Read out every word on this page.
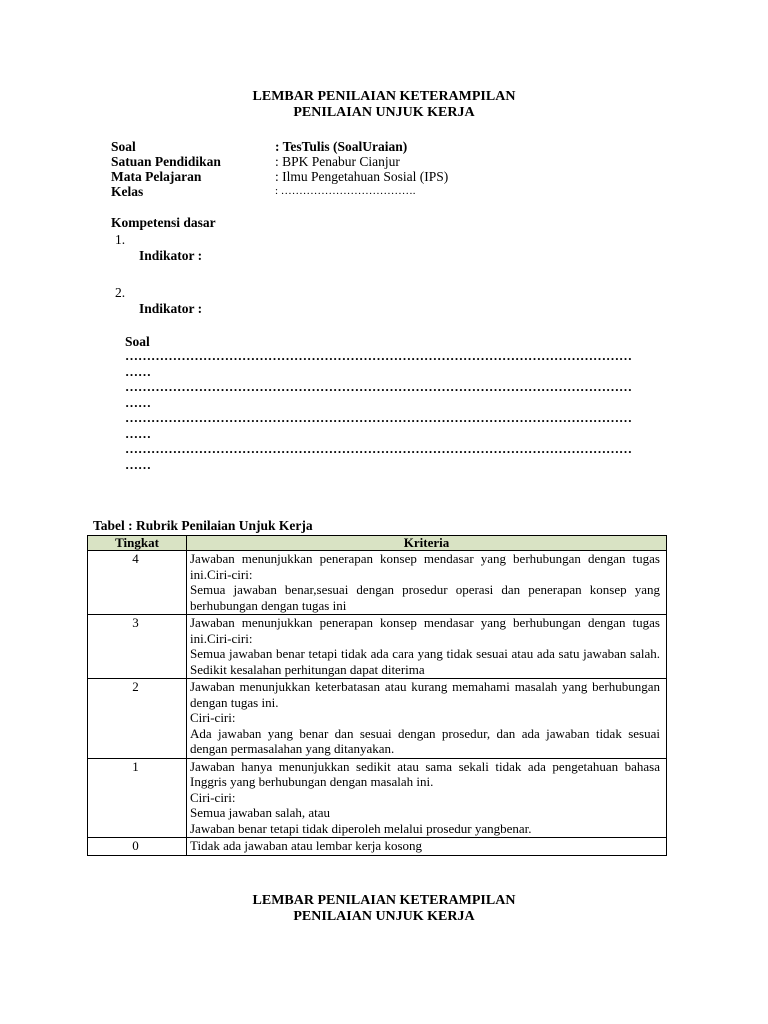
LEMBAR PENILAIAN KETERAMPILAN
PENILAIAN UNJUK KERJA
Soal	: TesTulis (SoalUraian)
Satuan Pendidikan	: BPK Penabur Cianjur
Mata Pelajaran	: Ilmu Pengetahuan Sosial (IPS)
Kelas	: ……………………………….
Kompetensi dasar
1.
Indikator :
2.
Indikator :
Soal
………………………………………………………………………………………………………
……
………………………………………………………………………………………………………
……
………………………………………………………………………………………………………
……
………………………………………………………………………………………………………
……
Tabel : Rubrik Penilaian Unjuk Kerja
Tingkat	Kriteria
4	Jawaban menunjukkan penerapan konsep mendasar yang berhubungan dengan tugas ini.Ciri-ciri:

Semua jawaban benar,sesuai dengan prosedur operasi dan penerapan konsep yang berhubungan dengan tugas ini

3	Jawaban menunjukkan penerapan konsep mendasar yang berhubungan dengan tugas ini.Ciri-ciri:

Semua jawaban benar tetapi tidak ada cara yang tidak sesuai atau ada satu jawaban salah. Sedikit kesalahan perhitungan dapat diterima

2	Jawaban menunjukkan keterbatasan atau kurang memahami masalah yang berhubungan dengan tugas ini.

Ciri-ciri:

Ada jawaban yang benar dan sesuai dengan prosedur, dan ada jawaban tidak sesuai dengan permasalahan yang ditanyakan.

1	Jawaban hanya menunjukkan sedikit atau sama sekali tidak ada pengetahuan bahasa Inggris yang berhubungan dengan masalah ini.

Ciri-ciri:

Semua jawaban salah, atau

Jawaban benar tetapi tidak diperoleh melalui prosedur yangbenar.

0	Tidak ada jawaban atau lembar kerja kosong

LEMBAR PENILAIAN KETERAMPILAN
PENILAIAN UNJUK KERJA
